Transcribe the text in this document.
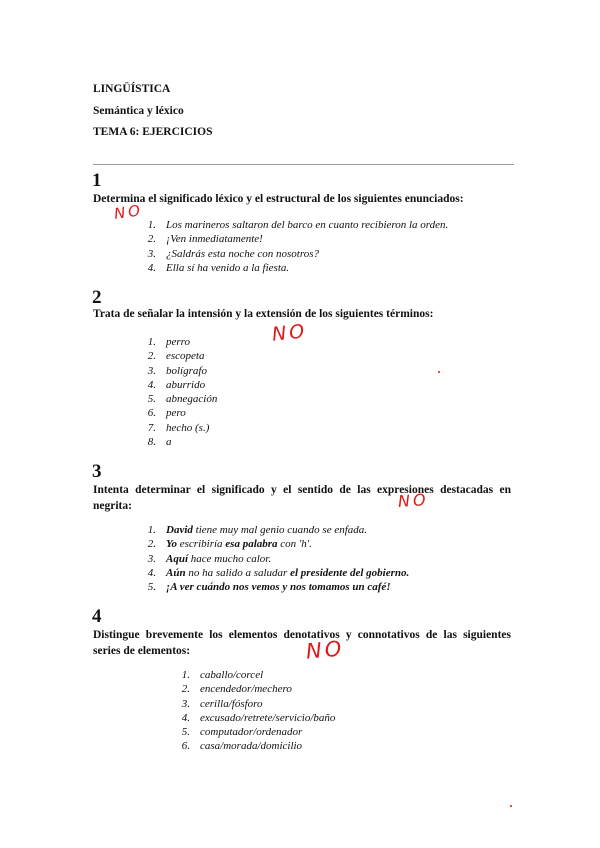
LINGÜÍSTICA
Semántica y léxico
TEMA 6: EJERCICIOS
1
Determina el significado léxico y el estructural de los siguientes enunciados:
NO
1. Los marineros saltaron del barco en cuanto recibieron la orden.
2. ¡Ven inmediatamente!
3. ¿Saldrás esta noche con nosotros?
4. Ella sí ha venido a la fiesta.
2
Trata de señalar la intensión y la extensión de los siguientes términos:
NO
1. perro
2. escopeta
3. bolígrafo
4. aburrido
5. abnegación
6. pero
7. hecho (s.)
8. a
3
Intenta determinar el significado y el sentido de las expresiones destacadas en negrita:	NO
1. David tiene muy mal genio cuando se enfada.
2. Yo escribiría esa palabra con 'h'.
3. Aquí hace mucho calor.
4. Aún no ha salido a saludar el presidente del gobierno.
5. ¡A ver cuándo nos vemos y nos tomamos un café!
4
Distingue brevemente los elementos denotativos y connotativos de las siguientes series de elementos:	NO
1. caballo/corcel
2. encendedor/mechero
3. cerilla/fósforo
4. excusado/retrete/servicio/baño
5. computador/ordenador
6. casa/morada/domicilio
